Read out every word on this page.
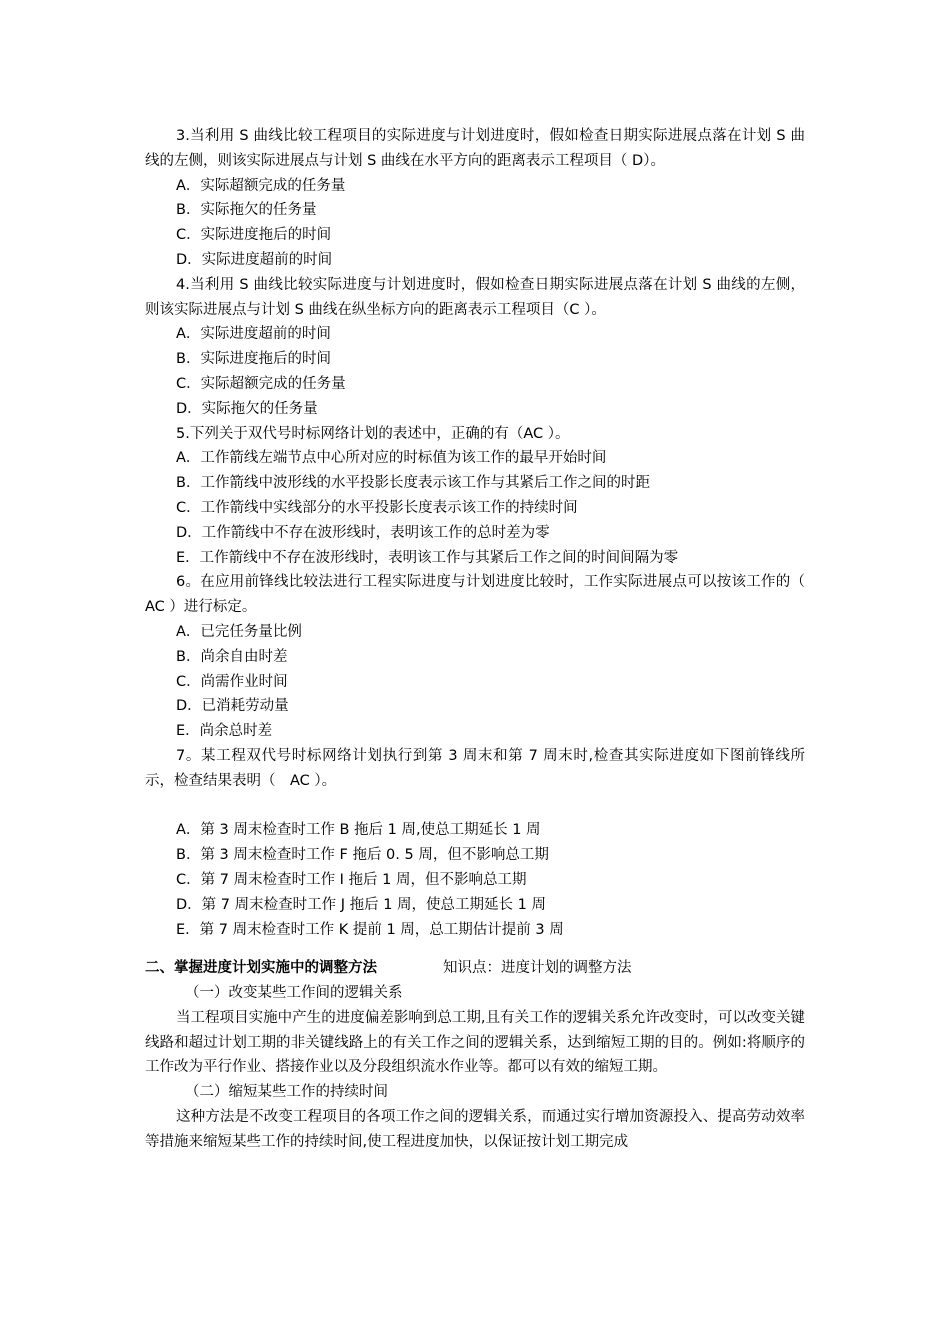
3.当利用 S 曲线比较工程项目的实际进度与计划进度时，假如检查日期实际进展点落在计划 S 曲线的左侧，则该实际进展点与计划 S 曲线在水平方向的距离表示工程项目（ D）。

A．实际超额完成的任务量

B．实际拖欠的任务量

C．实际进度拖后的时间

D．实际进度超前的时间

4.当利用 S 曲线比较实际进度与计划进度时，假如检查日期实际进展点落在计划 S 曲线的左侧，则该实际进展点与计划 S 曲线在纵坐标方向的距离表示工程项目（C ）。

A．实际进度超前的时间

B．实际进度拖后的时间

C．实际超额完成的任务量

D．实际拖欠的任务量

5.下列关于双代号时标网络计划的表述中，正确的有（AC ）。

A．工作箭线左端节点中心所对应的时标值为该工作的最早开始时间

B．工作箭线中波形线的水平投影长度表示该工作与其紧后工作之间的时距

C．工作箭线中实线部分的水平投影长度表示该工作的持续时间

D．工作箭线中不存在波形线时，表明该工作的总时差为零

E．工作箭线中不存在波形线时，表明该工作与其紧后工作之间的时间间隔为零

6。在应用前锋线比较法进行工程实际进度与计划进度比较时，工作实际进展点可以按该工作的（　AC ）进行标定。

A．已完任务量比例

B．尚余自由时差

C．尚需作业时间

D．已消耗劳动量

E．尚余总时差

7。某工程双代号时标网络计划执行到第 3 周末和第 7 周末时,检查其实际进度如下图前锋线所示，检查结果表明（　AC ）。

A．第 3 周末检查时工作 B 拖后 1 周,使总工期延长 1 周

B．第 3 周末检查时工作 F 拖后 0. 5 周，但不影响总工期

C．第 7 周末检查时工作 I 拖后 1 周，但不影响总工期

D．第 7 周末检查时工作 J 拖后 1 周，使总工期延长 1 周

E．第 7 周末检查时工作 K 提前 1 周，总工期估计提前 3 周

二、掌握进度计划实施中的调整方法	知识点：进度计划的调整方法

（一）改变某些工作间的逻辑关系

当工程项目实施中产生的进度偏差影响到总工期,且有关工作的逻辑关系允许改变时，可以改变关键线路和超过计划工期的非关键线路上的有关工作之间的逻辑关系，达到缩短工期的目的。例如:将顺序的工作改为平行作业、搭接作业以及分段组织流水作业等。都可以有效的缩短工期。

（二）缩短某些工作的持续时间

这种方法是不改变工程项目的各项工作之间的逻辑关系，而通过实行增加资源投入、提高劳动效率等措施来缩短某些工作的持续时间,使工程进度加快，以保证按计划工期完成
